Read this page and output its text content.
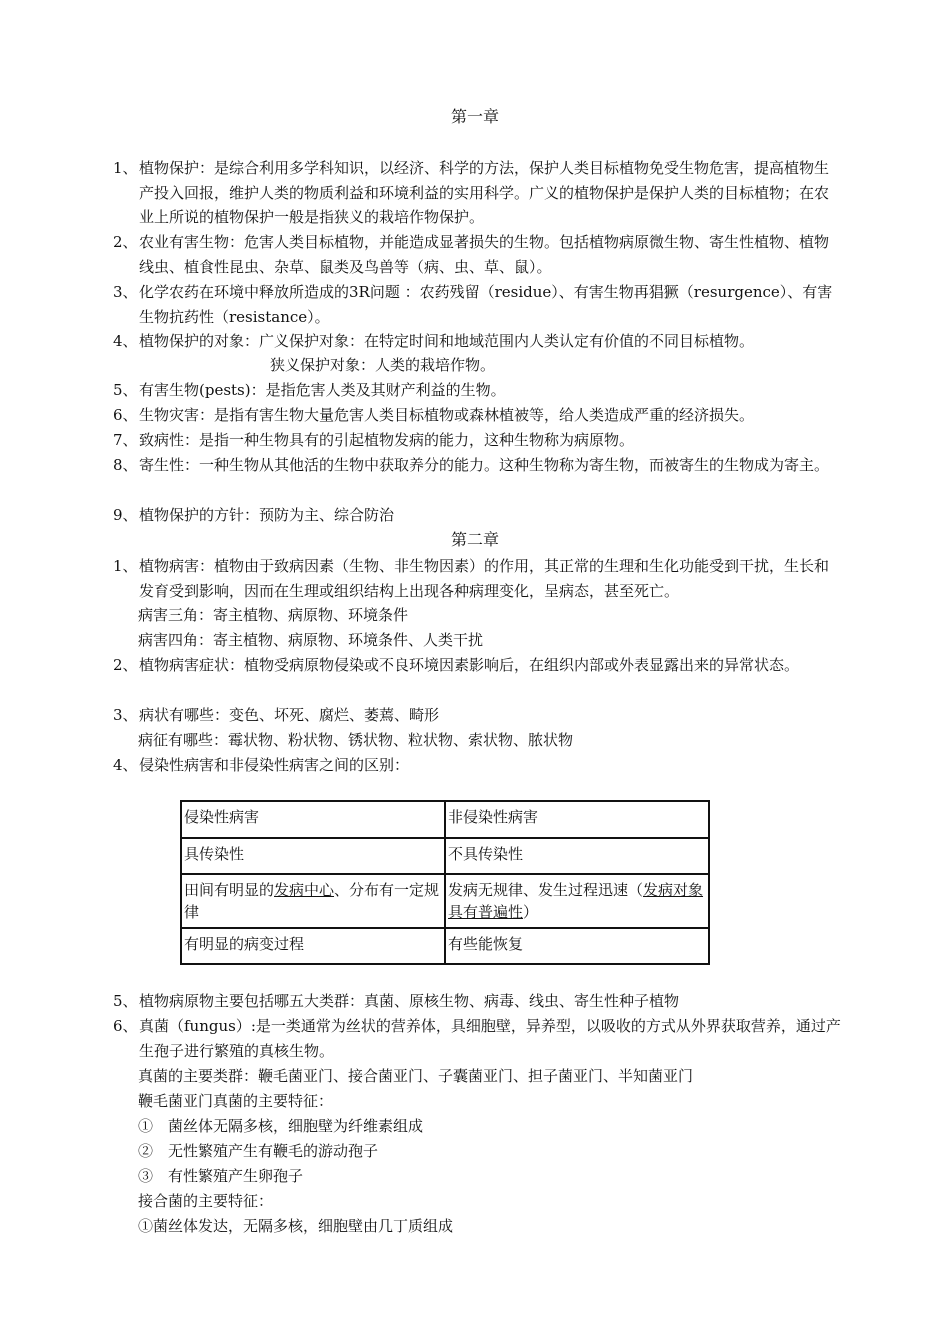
第一章
1、 植物保护：是综合利用多学科知识，以经济、科学的方法，保护人类目标植物免受生物危害，提高植物生产投入回报，维护人类的物质利益和环境利益的实用科学。广义的植物保护是保护人类的目标植物；在农业上所说的植物保护一般是指狭义的栽培作物保护。
2、 农业有害生物：危害人类目标植物，并能造成显著损失的生物。包括植物病原微生物、寄生性植物、植物线虫、植食性昆虫、杂草、鼠类及鸟兽等（病、虫、草、鼠）。
3、 化学农药在环境中释放所造成的3R问题 ：农药残留（residue）、有害生物再猖獗（resurgence）、有害生物抗药性（resistance）。
4、 植物保护的对象：广义保护对象：在特定时间和地域范围内人类认定有价值的不同目标植物。
狭义保护对象：人类的栽培作物。
5、 有害生物(pests)：是指危害人类及其财产利益的生物。
6、 生物灾害：是指有害生物大量危害人类目标植物或森林植被等，给人类造成严重的经济损失。
7、 致病性：是指一种生物具有的引起植物发病的能力，这种生物称为病原物。
8、 寄生性：一种生物从其他活的生物中获取养分的能力。这种生物称为寄生物，而被寄生的生物成为寄主。
9、 植物保护的方针：预防为主、综合防治
第二章
1、 植物病害：植物由于致病因素（生物、非生物因素）的作用，其正常的生理和生化功能受到干扰，生长和发育受到影响，因而在生理或组织结构上出现各种病理变化，呈病态，甚至死亡。
病害三角：寄主植物、病原物、环境条件
病害四角：寄主植物、病原物、环境条件、人类干扰
2、 植物病害症状：植物受病原物侵染或不良环境因素影响后，在组织内部或外表显露出来的异常状态。
3、 病状有哪些：变色、坏死、腐烂、萎蔫、畸形
病征有哪些：霉状物、粉状物、锈状物、粒状物、索状物、脓状物
4、 侵染性病害和非侵染性病害之间的区别：
侵染性病害	非侵染性病害
具传染性	不具传染性
田间有明显的发病中心、分布有一定规律	发病无规律、发生过程迅速（发病对象具有普遍性）
有明显的病变过程	有些能恢复
5、 植物病原物主要包括哪五大类群：真菌、原核生物、病毒、线虫、寄生性种子植物
6、 真菌（fungus）:是一类通常为丝状的营养体，具细胞壁，异养型，以吸收的方式从外界获取营养，通过产生孢子进行繁殖的真核生物。
真菌的主要类群：鞭毛菌亚门、接合菌亚门、子囊菌亚门、担子菌亚门、半知菌亚门
鞭毛菌亚门真菌的主要特征：
①　菌丝体无隔多核，细胞壁为纤维素组成
②　无性繁殖产生有鞭毛的游动孢子
③　有性繁殖产生卵孢子
接合菌的主要特征：
①菌丝体发达，无隔多核，细胞壁由几丁质组成
